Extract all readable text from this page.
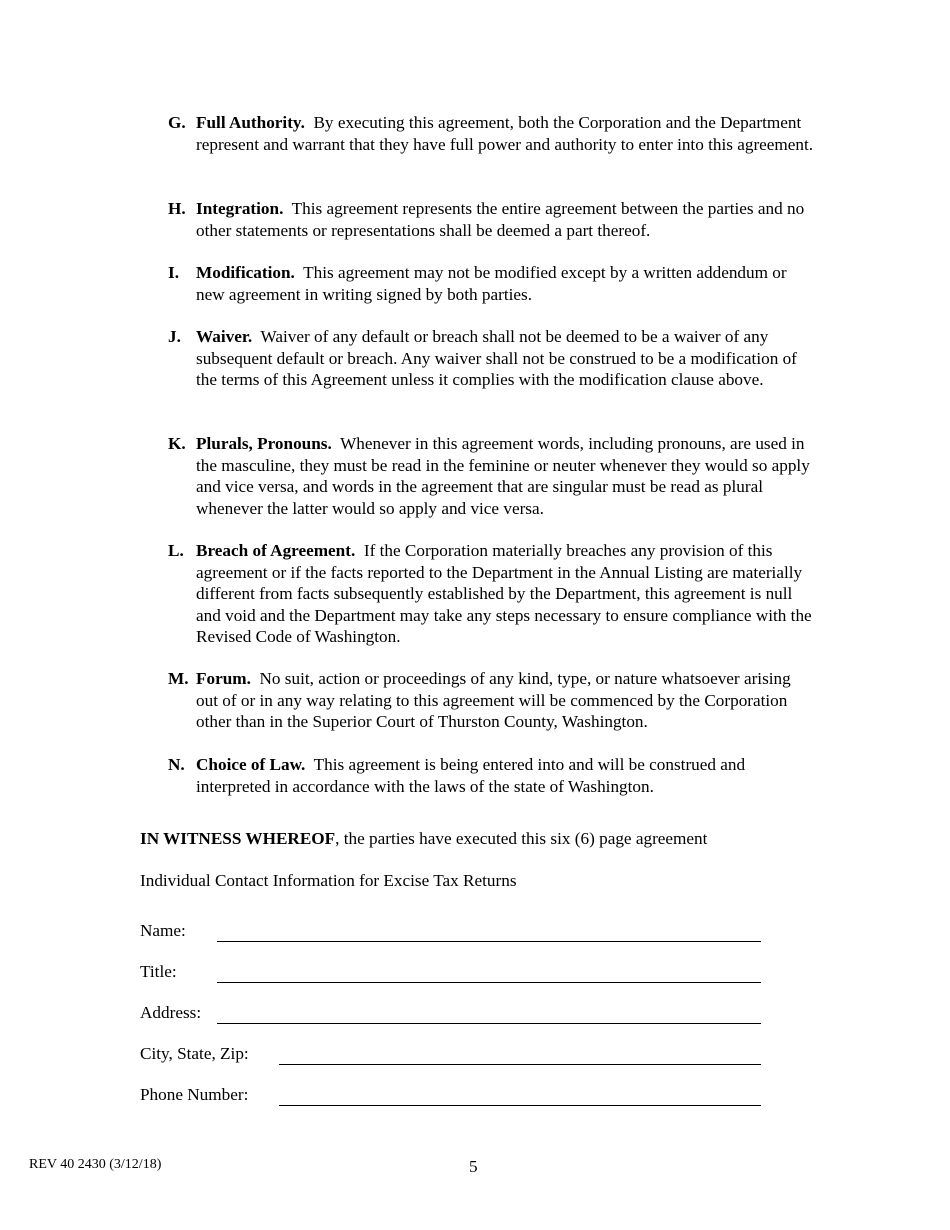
G. Full Authority. By executing this agreement, both the Corporation and the Department represent and warrant that they have full power and authority to enter into this agreement.
H. Integration. This agreement represents the entire agreement between the parties and no other statements or representations shall be deemed a part thereof.
I. Modification. This agreement may not be modified except by a written addendum or new agreement in writing signed by both parties.
J. Waiver. Waiver of any default or breach shall not be deemed to be a waiver of any subsequent default or breach. Any waiver shall not be construed to be a modification of the terms of this Agreement unless it complies with the modification clause above.
K. Plurals, Pronouns. Whenever in this agreement words, including pronouns, are used in the masculine, they must be read in the feminine or neuter whenever they would so apply and vice versa, and words in the agreement that are singular must be read as plural whenever the latter would so apply and vice versa.
L. Breach of Agreement. If the Corporation materially breaches any provision of this agreement or if the facts reported to the Department in the Annual Listing are materially different from facts subsequently established by the Department, this agreement is null and void and the Department may take any steps necessary to ensure compliance with the Revised Code of Washington.
M. Forum. No suit, action or proceedings of any kind, type, or nature whatsoever arising out of or in any way relating to this agreement will be commenced by the Corporation other than in the Superior Court of Thurston County, Washington.
N. Choice of Law. This agreement is being entered into and will be construed and interpreted in accordance with the laws of the state of Washington.
IN WITNESS WHEREOF, the parties have executed this six (6) page agreement
Individual Contact Information for Excise Tax Returns
Name:
Title:
Address:
City, State, Zip:
Phone Number:
REV 40 2430 (3/12/18)	5
